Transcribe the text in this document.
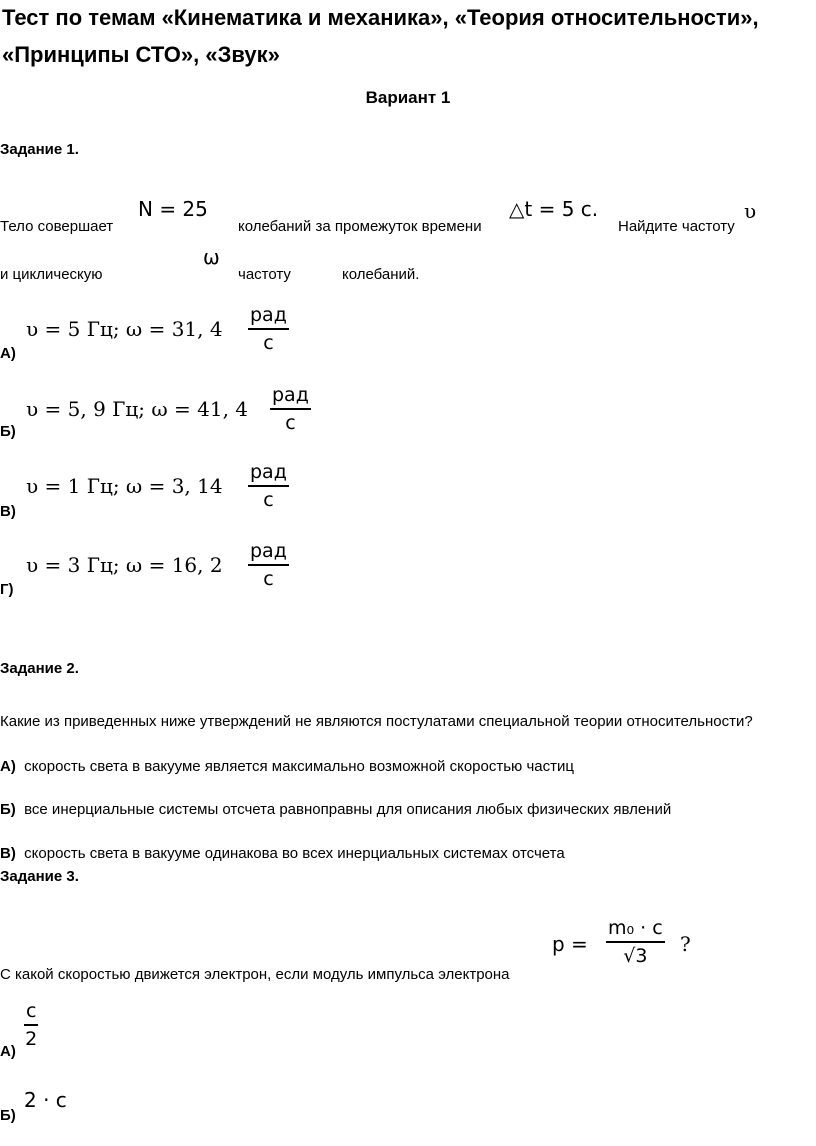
Тест по темам «Кинематика и механика», «Теория относительности»,
«Принципы СТО», «Звук»
Вариант 1
Задание 1.
Тело совершает
N = 25
колебаний за промежуток времени
△t = 5 с.
Найдите частоту
υ
и циклическую
ω
частоту	колебаний.
υ = 5 Гц; ω = 31, 4
рад
с
А)
υ = 5, 9 Гц; ω = 41, 4
рад
с
Б)
υ = 1 Гц; ω = 3, 14
рад
с
В)
υ = 3 Гц; ω = 16, 2
рад
с
Г)
Задание 2.
Какие из приведенных ниже утверждений не являются постулатами специальной теории относительности?
А) скорость света в вакууме является максимально возможной скоростью частиц
Б) все инерциальные системы отсчета равноправны для описания любых физических явлений
В) скорость света в вакууме одинакова во всех инерциальных системах отсчета
Задание 3.
С какой скоростью движется электрон, если модуль импульса электрона
p =
m₀ · c
√3 ?
c
2
А)
2 · c
Б)
